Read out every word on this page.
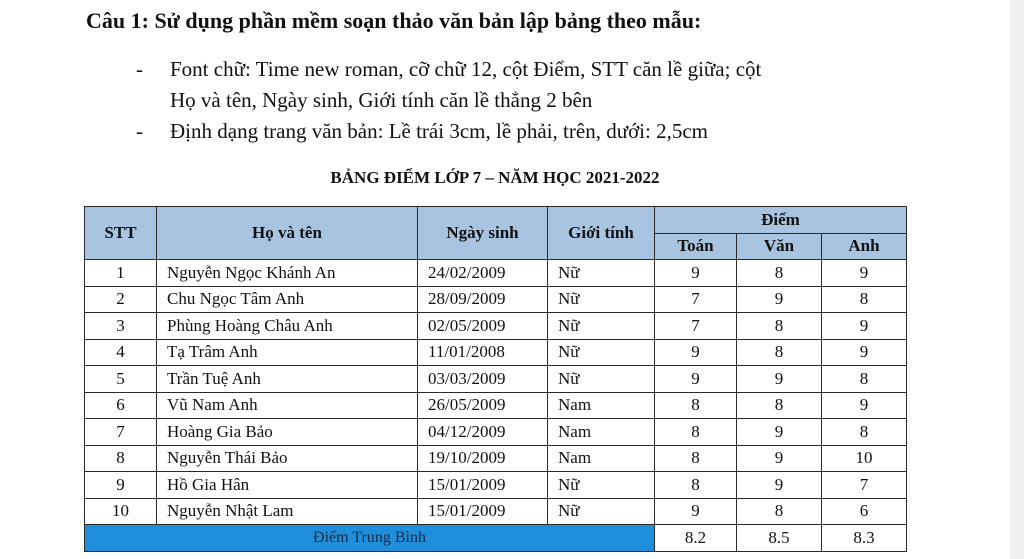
Câu 1: Sử dụng phần mềm soạn thảo văn bản lập bảng theo mẫu:
- Font chữ: Time new roman, cỡ chữ 12, cột Điểm, STT căn lề giữa; cột
Họ và tên, Ngày sinh, Giới tính căn lề thẳng 2 bên
- Định dạng trang văn bản: Lề trái 3cm, lề phải, trên, dưới: 2,5cm
BẢNG ĐIỂM LỚP 7 – NĂM HỌC 2021-2022
STT	Họ và tên	Ngày sinh	Giới tính	Điểm		
				Toán	Văn	Anh
1	Nguyễn Ngọc Khánh An	24/02/2009	Nữ	9	8	9
2	Chu Ngọc Tâm Anh	28/09/2009	Nữ	7	9	8
3	Phùng Hoàng Châu Anh	02/05/2009	Nữ	7	8	9
4	Tạ Trâm Anh	11/01/2008	Nữ	9	8	9
5	Trần Tuệ Anh	03/03/2009	Nữ	9	9	8
6	Vũ Nam Anh	26/05/2009	Nam	8	8	9
7	Hoàng Gia Bảo	04/12/2009	Nam	8	9	8
8	Nguyễn Thái Bảo	19/10/2009	Nam	8	9	10
9	Hồ Gia Hân	15/01/2009	Nữ	8	9	7
10	Nguyễn Nhật Lam	15/01/2009	Nữ	9	8	6
Điểm Trung Bình				8.2	8.5	8.3
